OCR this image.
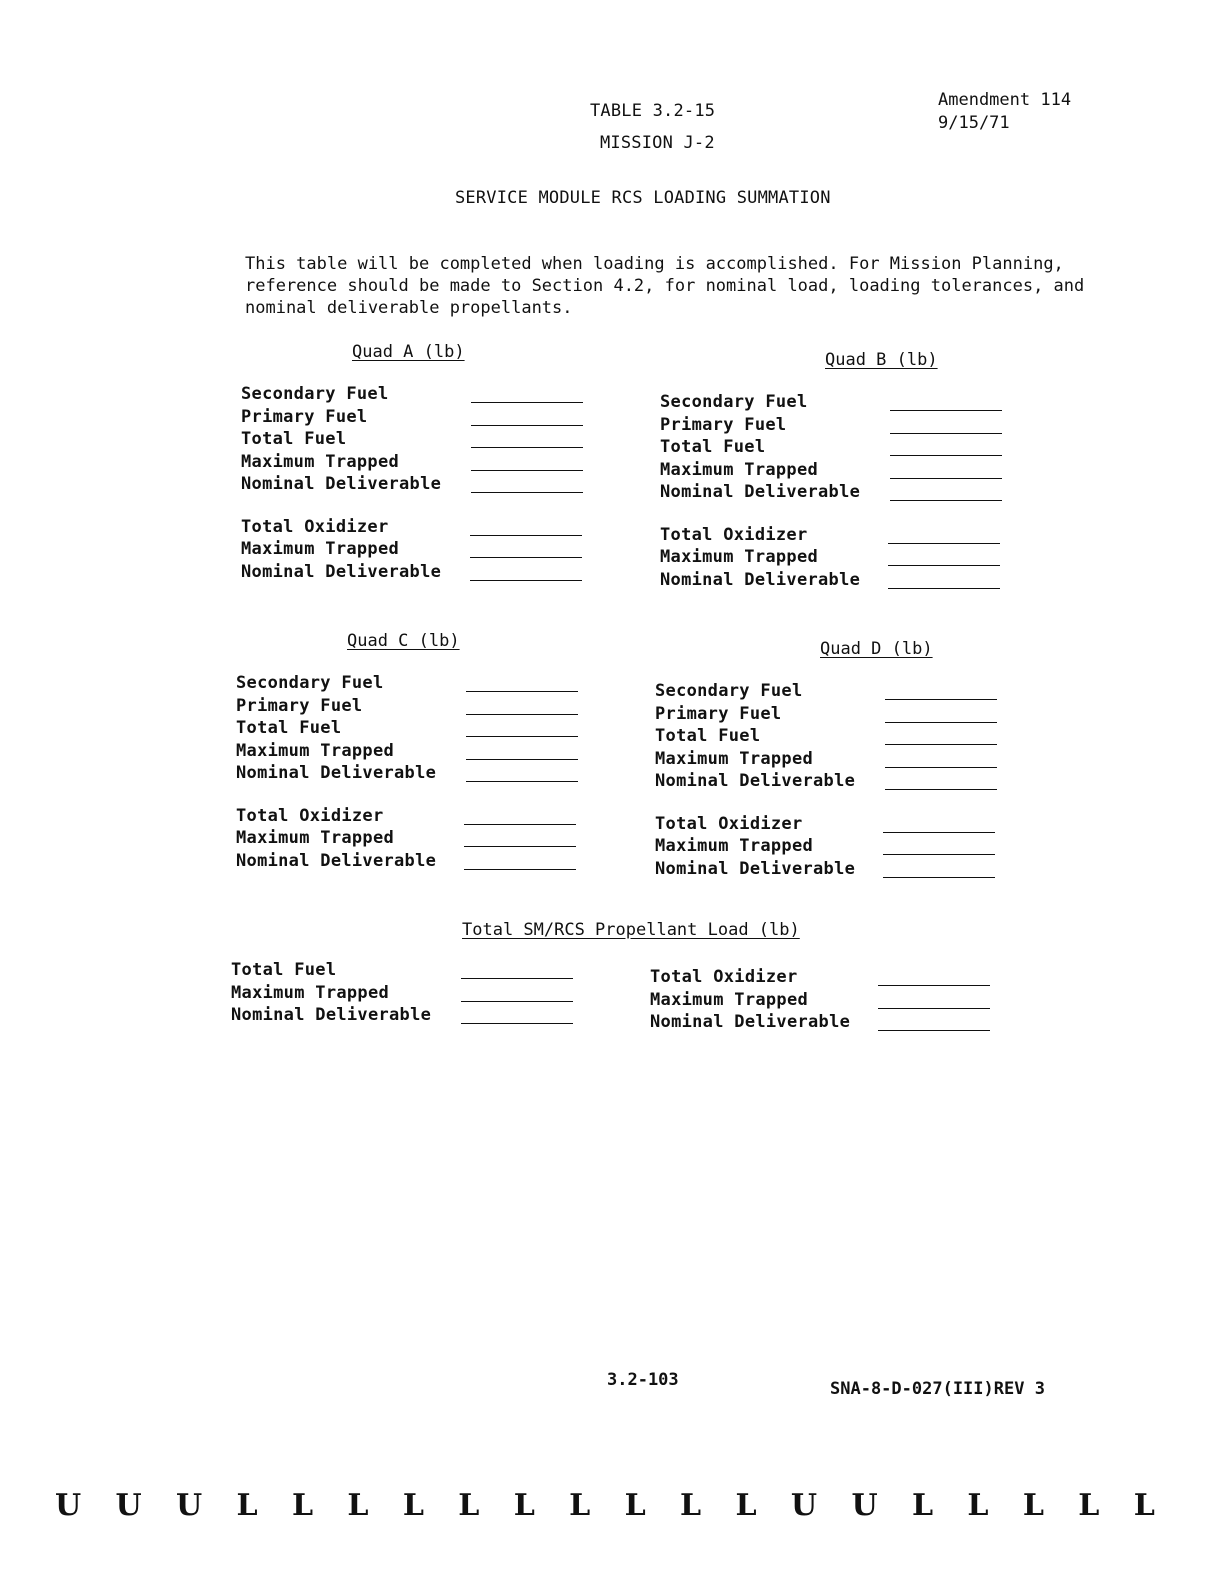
Amendment 114
9/15/71
TABLE 3.2-15
MISSION J-2
SERVICE MODULE RCS LOADING SUMMATION
This table will be completed when loading is accomplished. For Mission Planning, reference should be made to Section 4.2, for nominal load, loading tolerances, and nominal deliverable propellants.
Quad A (lb)
Secondary Fuel
Primary Fuel
Total Fuel
Maximum Trapped
Nominal Deliverable
Total Oxidizer
Maximum Trapped
Nominal Deliverable
Quad B (lb)
Secondary Fuel
Primary Fuel
Total Fuel
Maximum Trapped
Nominal Deliverable
Total Oxidizer
Maximum Trapped
Nominal Deliverable
Quad C (lb)
Secondary Fuel
Primary Fuel
Total Fuel
Maximum Trapped
Nominal Deliverable
Total Oxidizer
Maximum Trapped
Nominal Deliverable
Quad D (lb)
Secondary Fuel
Primary Fuel
Total Fuel
Maximum Trapped
Nominal Deliverable
Total Oxidizer
Maximum Trapped
Nominal Deliverable
Total SM/RCS Propellant Load (lb)
Total Fuel
Maximum Trapped
Nominal Deliverable
Total Oxidizer
Maximum Trapped
Nominal Deliverable
3.2-103	SNA-8-D-027(III)REV 3
U U U L L L L L L L L L L U U L L L L L
